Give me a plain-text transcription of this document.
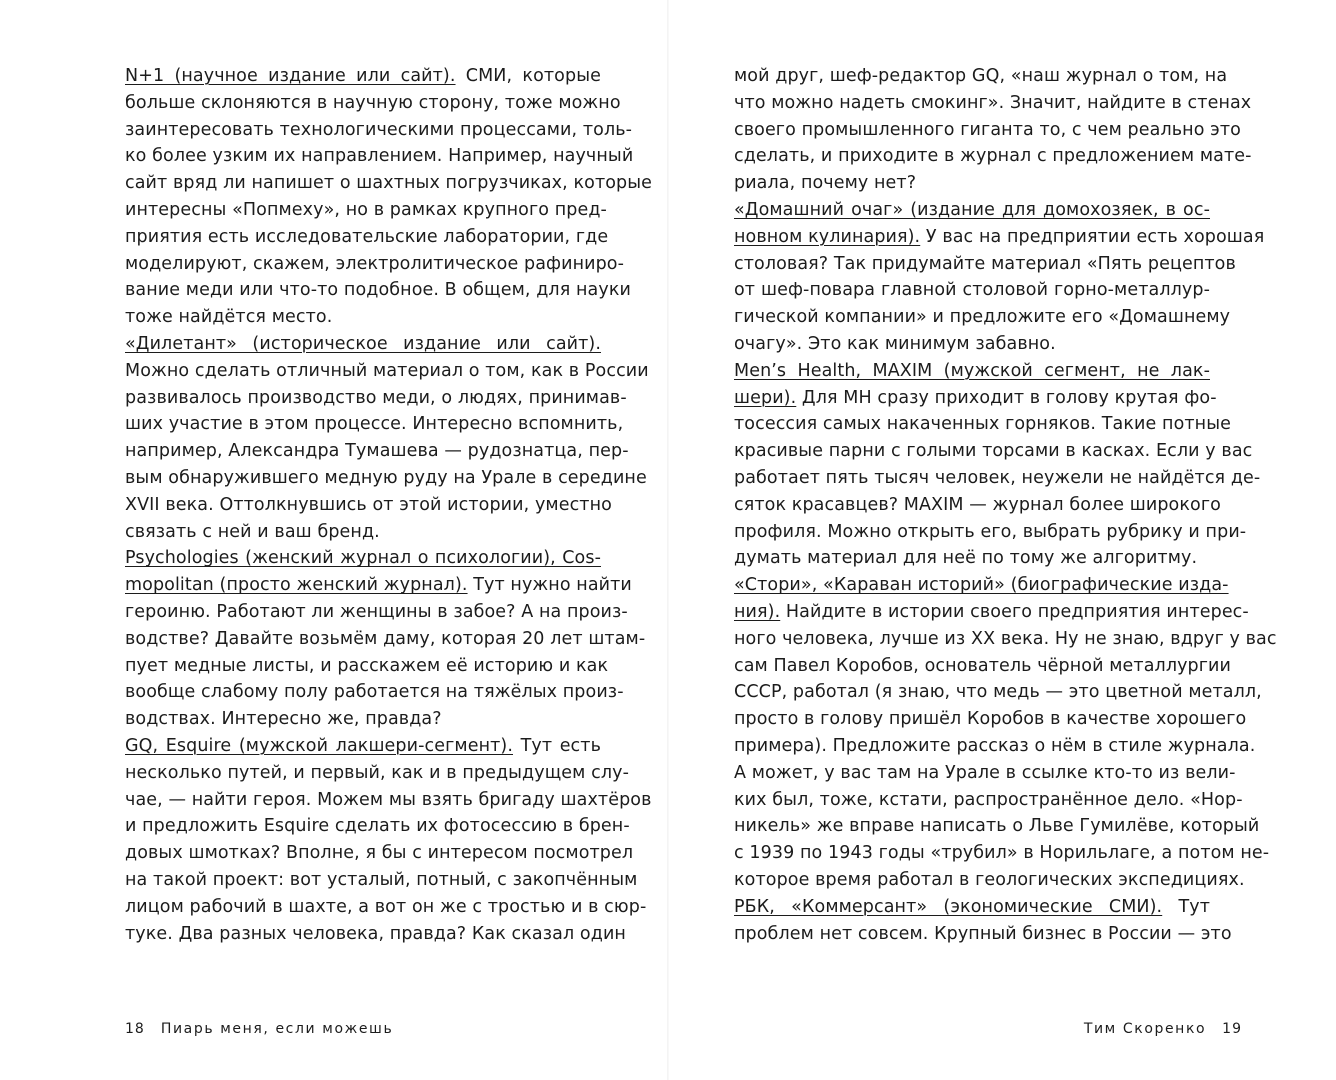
N+1 (научное издание или сайт). СМИ, которые
больше склоняются в научную сторону, тоже можно
заинтересовать технологическими процессами, толь-
ко более узким их направлением. Например, научный
сайт вряд ли напишет о шахтных погрузчиках, которые
интересны «Попмеху», но в рамках крупного пред-
приятия есть исследовательские лаборатории, где
моделируют, скажем, электролитическое рафиниро-
вание меди или что-то подобное. В общем, для науки
тоже найдётся место.
«Дилетант» (историческое издание или сайт).
Можно сделать отличный материал о том, как в России
развивалось производство меди, о людях, принимав-
ших участие в этом процессе. Интересно вспомнить,
например, Александра Тумашева — рудознатца, пер-
вым обнаружившего медную руду на Урале в середине
XVII века. Оттолкнувшись от этой истории, уместно
связать с ней и ваш бренд.
Psychologies (женский журнал о психологии), Cos-
mopolitan (просто женский журнал). Тут нужно найти
героиню. Работают ли женщины в забое? А на произ-
водстве? Давайте возьмём даму, которая 20 лет штам-
пует медные листы, и расскажем её историю и как
вообще слабому полу работается на тяжёлых произ-
водствах. Интересно же, правда?
GQ, Esquire (мужской лакшери-сегмент). Тут есть
несколько путей, и первый, как и в предыдущем слу-
чае, — найти героя. Можем мы взять бригаду шахтёров
и предложить Esquire сделать их фотосессию в брен-
довых шмотках? Вполне, я бы с интересом посмотрел
на такой проект: вот усталый, потный, с закопчённым
лицом рабочий в шахте, а вот он же с тростью и в сюр-
туке. Два разных человека, правда? Как сказал один
мой друг, шеф-редактор GQ, «наш журнал о том, на
что можно надеть смокинг». Значит, найдите в стенах
своего промышленного гиганта то, с чем реально это
сделать, и приходите в журнал с предложением мате-
риала, почему нет?
«Домашний очаг» (издание для домохозяек, в ос-
новном кулинария). У вас на предприятии есть хорошая
столовая? Так придумайте материал «Пять рецептов
от шеф-повара главной столовой горно-металлур-
гической компании» и предложите его «Домашнему
очагу». Это как минимум забавно.
Men’s Health, MAXIM (мужской сегмент, не лак-
шери). Для МН сразу приходит в голову крутая фо-
тосессия самых накаченных горняков. Такие потные
красивые парни с голыми торсами в касках. Если у вас
работает пять тысяч человек, неужели не найдётся де-
сяток красавцев? MAXIM — журнал более широкого
профиля. Можно открыть его, выбрать рубрику и при-
думать материал для неё по тому же алгоритму.
«Стори», «Караван историй» (биографические изда-
ния). Найдите в истории своего предприятия интерес-
ного человека, лучше из XX века. Ну не знаю, вдруг у вас
сам Павел Коробов, основатель чёрной металлургии
СССР, работал (я знаю, что медь — это цветной металл,
просто в голову пришёл Коробов в качестве хорошего
примера). Предложите рассказ о нём в стиле журнала.
А может, у вас там на Урале в ссылке кто-то из вели-
ких был, тоже, кстати, распространённое дело. «Нор-
никель» же вправе написать о Льве Гумилёве, который
с 1939 по 1943 годы «трубил» в Норильлаге, а потом не-
которое время работал в геологических экспедициях.
РБК, «Коммерсант» (экономические СМИ). Тут
проблем нет совсем. Крупный бизнес в России — это
18 Пиарь меня, если можешь	Тим Скоренко 19
